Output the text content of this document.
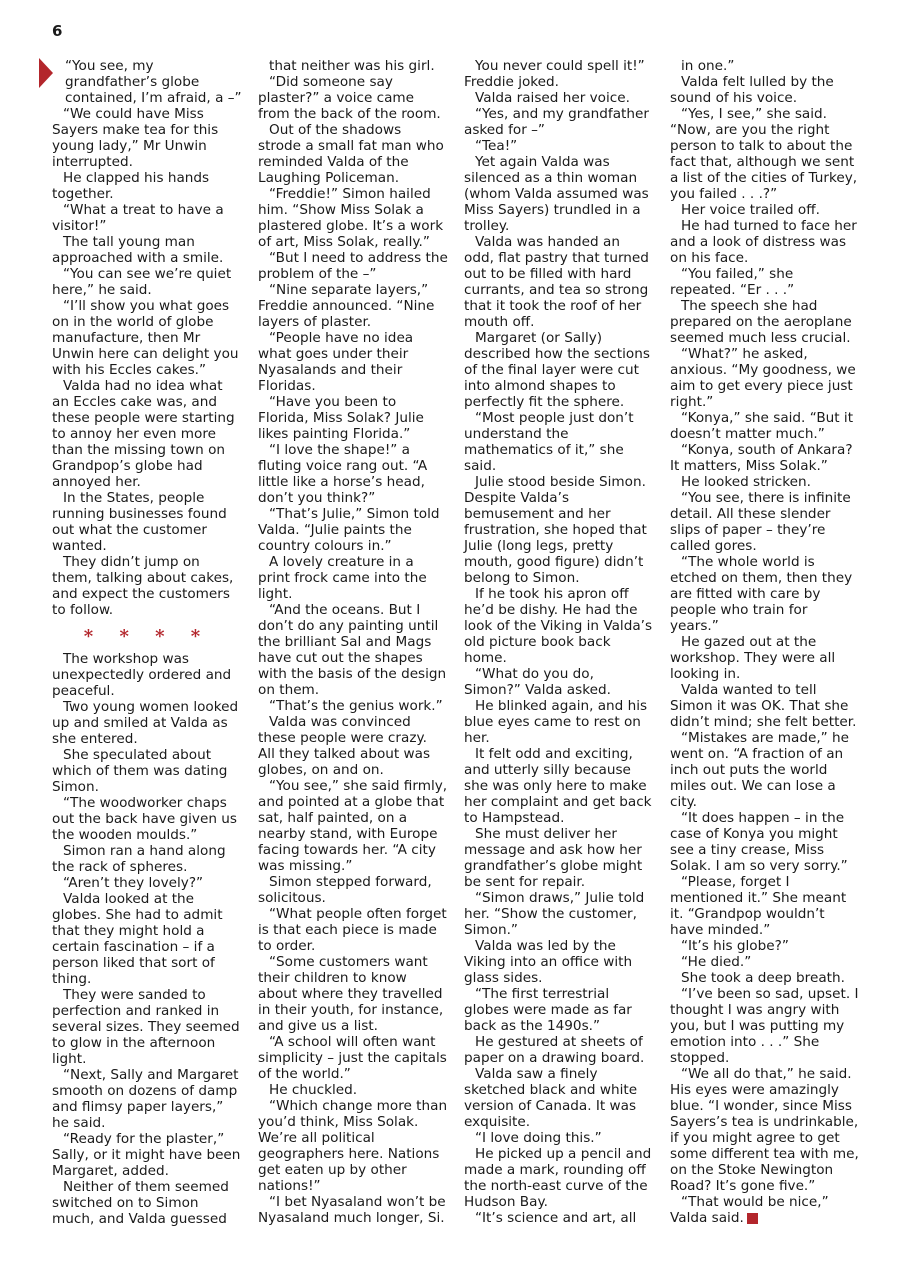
6

“You see, my grandfather’s globe contained, I’m afraid, a –”

“We could have Miss Sayers make tea for this young lady,” Mr Unwin interrupted.

He clapped his hands together.

“What a treat to have a visitor!”

The tall young man approached with a smile.

“You can see we’re quiet here,” he said.

“I’ll show you what goes on in the world of globe manufacture, then Mr Unwin here can delight you with his Eccles cakes.”

Valda had no idea what an Eccles cake was, and these people were starting to annoy her even more than the missing town on Grandpop’s globe had annoyed her.

In the States, people running businesses found out what the customer wanted.

They didn’t jump on them, talking about cakes, and expect the customers to follow.

* * * *

The workshop was unexpectedly ordered and peaceful.

Two young women looked up and smiled at Valda as she entered.

She speculated about which of them was dating Simon.

“The woodworker chaps out the back have given us the wooden moulds.”

Simon ran a hand along the rack of spheres.

“Aren’t they lovely?”

Valda looked at the globes. She had to admit that they might hold a certain fascination – if a person liked that sort of thing.

They were sanded to perfection and ranked in several sizes. They seemed to glow in the afternoon light.

“Next, Sally and Margaret smooth on dozens of damp and flimsy paper layers,” he said.

“Ready for the plaster,” Sally, or it might have been Margaret, added.

Neither of them seemed switched on to Simon much, and Valda guessed

that neither was his girl.

“Did someone say plaster?” a voice came from the back of the room.

Out of the shadows strode a small fat man who reminded Valda of the Laughing Policeman.

“Freddie!” Simon hailed him. “Show Miss Solak a plastered globe. It’s a work of art, Miss Solak, really.”

“But I need to address the problem of the –”

“Nine separate layers,” Freddie announced. “Nine layers of plaster.

“People have no idea what goes under their Nyasalands and their Floridas.

“Have you been to Florida, Miss Solak? Julie likes painting Florida.”

“I love the shape!” a fluting voice rang out. “A little like a horse’s head, don’t you think?”

“That’s Julie,” Simon told Valda. “Julie paints the country colours in.”

A lovely creature in a print frock came into the light.

“And the oceans. But I don’t do any painting until the brilliant Sal and Mags have cut out the shapes with the basis of the design on them.

“That’s the genius work.”

Valda was convinced these people were crazy. All they talked about was globes, on and on.

“You see,” she said firmly, and pointed at a globe that sat, half painted, on a nearby stand, with Europe facing towards her. “A city was missing.”

Simon stepped forward, solicitous.

“What people often forget is that each piece is made to order.

“Some customers want their children to know about where they travelled in their youth, for instance, and give us a list.

“A school will often want simplicity – just the capitals of the world.”

He chuckled.

“Which change more than you’d think, Miss Solak. We’re all political geographers here. Nations get eaten up by other nations!”

“I bet Nyasaland won’t be Nyasaland much longer, Si.

You never could spell it!” Freddie joked.

Valda raised her voice.

“Yes, and my grandfather asked for –”

“Tea!”

Yet again Valda was silenced as a thin woman (whom Valda assumed was Miss Sayers) trundled in a trolley.

Valda was handed an odd, flat pastry that turned out to be filled with hard currants, and tea so strong that it took the roof of her mouth off.

Margaret (or Sally) described how the sections of the final layer were cut into almond shapes to perfectly fit the sphere.

“Most people just don’t understand the mathematics of it,” she said.

Julie stood beside Simon. Despite Valda’s bemusement and her frustration, she hoped that Julie (long legs, pretty mouth, good figure) didn’t belong to Simon.

If he took his apron off he’d be dishy. He had the look of the Viking in Valda’s old picture book back home.

“What do you do, Simon?” Valda asked.

He blinked again, and his blue eyes came to rest on her.

It felt odd and exciting, and utterly silly because she was only here to make her complaint and get back to Hampstead.

She must deliver her message and ask how her grandfather’s globe might be sent for repair.

“Simon draws,” Julie told her. “Show the customer, Simon.”

Valda was led by the Viking into an office with glass sides.

“The first terrestrial globes were made as far back as the 1490s.”

He gestured at sheets of paper on a drawing board.

Valda saw a finely sketched black and white version of Canada. It was exquisite.

“I love doing this.”

He picked up a pencil and made a mark, rounding off the north-east curve of the Hudson Bay.

“It’s science and art, all

in one.”

Valda felt lulled by the sound of his voice.

“Yes, I see,” she said. “Now, are you the right person to talk to about the fact that, although we sent a list of the cities of Turkey, you failed . . .?”

Her voice trailed off.

He had turned to face her and a look of distress was on his face.

“You failed,” she repeated. “Er . . .”

The speech she had prepared on the aeroplane seemed much less crucial.

“What?” he asked, anxious. “My goodness, we aim to get every piece just right.”

“Konya,” she said. “But it doesn’t matter much.”

“Konya, south of Ankara? It matters, Miss Solak.”

He looked stricken.

“You see, there is infinite detail. All these slender slips of paper – they’re called gores.

“The whole world is etched on them, then they are fitted with care by people who train for years.”

He gazed out at the workshop. They were all looking in.

Valda wanted to tell Simon it was OK. That she didn’t mind; she felt better.

“Mistakes are made,” he went on. “A fraction of an inch out puts the world miles out. We can lose a city.

“It does happen – in the case of Konya you might see a tiny crease, Miss Solak. I am so very sorry.”

“Please, forget I mentioned it.” She meant it. “Grandpop wouldn’t have minded.”

“It’s his globe?”

“He died.”

She took a deep breath.

“I’ve been so sad, upset. I thought I was angry with you, but I was putting my emotion into . . .” She stopped.

“We all do that,” he said. His eyes were amazingly blue. “I wonder, since Miss Sayers’s tea is undrinkable, if you might agree to get some different tea with me, on the Stoke Newington Road? It’s gone five.”

“That would be nice,” Valda said.
